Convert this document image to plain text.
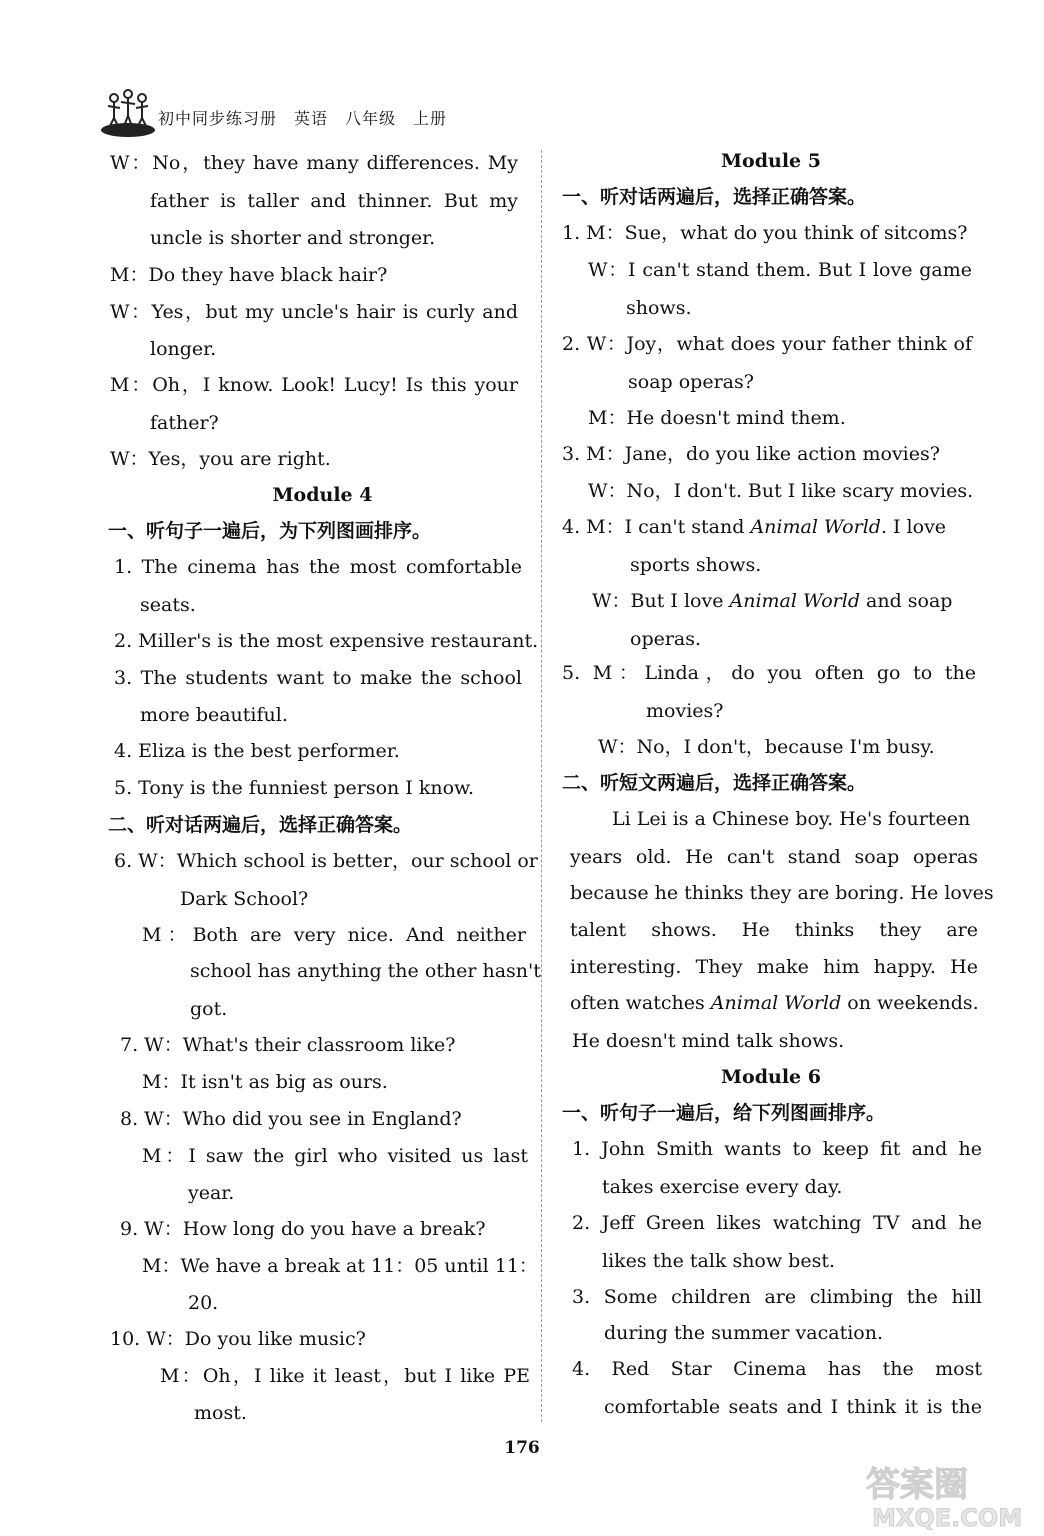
初中同步练习册　英语　八年级　上册
W：No，they have many differences. My
father is taller and thinner. But my
uncle is shorter and stronger.
M：Do they have black hair?
W：Yes，but my uncle's hair is curly and
longer.
M：Oh，I know. Look! Lucy! Is this your
father?
W：Yes，you are right.
Module 4
一、听句子一遍后，为下列图画排序。
1. The cinema has the most comfortable
seats.
2. Miller's is the most expensive restaurant.
3. The students want to make the school
more beautiful.
4. Eliza is the best performer.
5. Tony is the funniest person I know.
二、听对话两遍后，选择正确答案。
6. W：Which school is better，our school or
Dark School?
M：Both are very nice. And neither
school has anything the other hasn't
got.
7. W：What's their classroom like?
M：It isn't as big as ours.
8. W：Who did you see in England?
M：I saw the girl who visited us last
year.
9. W：How long do you have a break?
M：We have a break at 11：05 until 11：
20.
10. W：Do you like music?
M：Oh，I like it least，but I like PE
most.
Module 5
一、听对话两遍后，选择正确答案。
1. M：Sue，what do you think of sitcoms?
W：I can't stand them. But I love game
shows.
2. W：Joy，what does your father think of
soap operas?
M：He doesn't mind them.
3. M：Jane，do you like action movies?
W：No，I don't. But I like scary movies.
4. M：I can't stand Animal World. I love
sports shows.
W：But I love Animal World and soap
operas.
5. M：Linda，do you often go to the
movies?
W：No，I don't，because I'm busy.
二、听短文两遍后，选择正确答案。
Li Lei is a Chinese boy. He's fourteen
years old. He can't stand soap operas
because he thinks they are boring. He loves
talent shows. He thinks they are
interesting. They make him happy. He
often watches Animal World on weekends.
He doesn't mind talk shows.
Module 6
一、听句子一遍后，给下列图画排序。
1. John Smith wants to keep fit and he
takes exercise every day.
2. Jeff Green likes watching TV and he
likes the talk show best.
3. Some children are climbing the hill
during the summer vacation.
4. Red Star Cinema has the most
comfortable seats and I think it is the
176
答案圈
MXQE.COM
